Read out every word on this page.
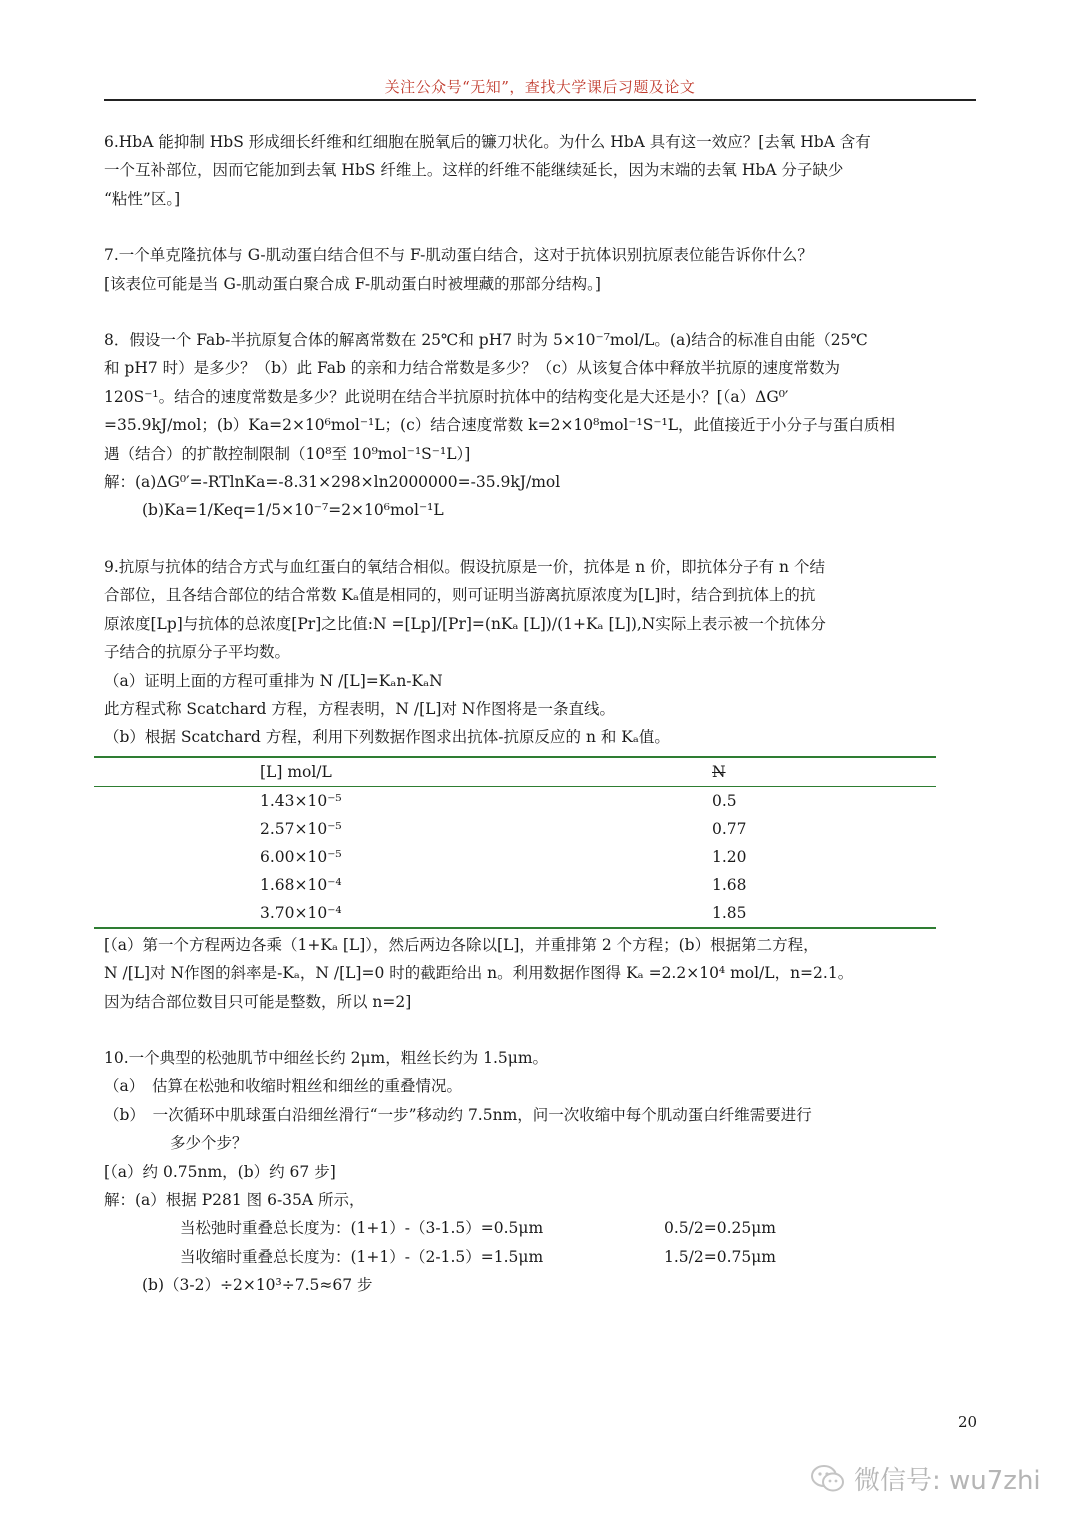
关注公众号“无知”，查找大学课后习题及论文

6.HbA 能抑制 HbS 形成细长纤维和红细胞在脱氧后的镰刀状化。为什么 HbA 具有这一效应？[去氧 HbA 含有

一个互补部位，因而它能加到去氧 HbS 纤维上。这样的纤维不能继续延长，因为末端的去氧 HbA 分子缺少

“粘性”区。]

7.一个单克隆抗体与 G-肌动蛋白结合但不与 F-肌动蛋白结合，这对于抗体识别抗原表位能告诉你什么？

[该表位可能是当 G-肌动蛋白聚合成 F-肌动蛋白时被埋藏的那部分结构。]

8．假设一个 Fab-半抗原复合体的解离常数在 25℃和 pH7 时为 5×10⁻⁷mol/L。(a)结合的标准自由能（25℃

和 pH7 时）是多少？（b）此 Fab 的亲和力结合常数是多少？（c）从该复合体中释放半抗原的速度常数为

120S⁻¹。结合的速度常数是多少？此说明在结合半抗原时抗体中的结构变化是大还是小？[（a）ΔG⁰′

=35.9kJ/mol；(b）Ka=2×10⁶mol⁻¹L；(c）结合速度常数 k=2×10⁸mol⁻¹S⁻¹L，此值接近于小分子与蛋白质相

遇（结合）的扩散控制限制（10⁸至 10⁹mol⁻¹S⁻¹L）]

解：(a)ΔG⁰′=-RTlnKa=-8.31×298×ln2000000=-35.9kJ/mol

(b)Ka=1/Keq=1/5×10⁻⁷=2×10⁶mol⁻¹L

9.抗原与抗体的结合方式与血红蛋白的氧结合相似。假设抗原是一价，抗体是 n 价，即抗体分子有 n 个结

合部位，且各结合部位的结合常数 Kₐ值是相同的，则可证明当游离抗原浓度为[L]时，结合到抗体上的抗

原浓度[Lp]与抗体的总浓度[Pr]之比值:N =[Lp]/[Pr]=(nKₐ [L])/(1+Kₐ [L]),N实际上表示被一个抗体分

子结合的抗原分子平均数。

（a）证明上面的方程可重排为 N /[L]=Kₐn-KₐN

此方程式称 Scatchard 方程，方程表明，N /[L]对 N作图将是一条直线。

（b）根据 Scatchard 方程，利用下列数据作图求出抗体-抗原反应的 n 和 Kₐ值。

[L] mol/L	N
1.43×10⁻⁵	0.5
2.57×10⁻⁵	0.77
6.00×10⁻⁵	1.20
1.68×10⁻⁴	1.68
3.70×10⁻⁴	1.85

[（a）第一个方程两边各乘（1+Kₐ [L]），然后两边各除以[L]，并重排第 2 个方程；(b）根据第二方程，

N /[L]对 N作图的斜率是-Kₐ，N /[L]=0 时的截距给出 n。利用数据作图得 Kₐ =2.2×10⁴ mol/L，n=2.1。

因为结合部位数目只可能是整数，所以 n=2]

10.一个典型的松弛肌节中细丝长约 2μm，粗丝长约为 1.5μm。

（a）　估算在松弛和收缩时粗丝和细丝的重叠情况。

（b）　一次循环中肌球蛋白沿细丝滑行“一步”移动约 7.5nm，问一次收缩中每个肌动蛋白纤维需要进行

多少个步？

[（a）约 0.75nm，(b）约 67 步]

解：(a）根据 P281 图 6-35A 所示，

当松弛时重叠总长度为：(1+1）-（3-1.5）=0.5μm	0.5/2=0.25μm
当收缩时重叠总长度为：(1+1）-（2-1.5）=1.5μm	1.5/2=0.75μm

(b)（3-2）÷2×10³÷7.5≈67 步

20
微信号: wu7zhi
